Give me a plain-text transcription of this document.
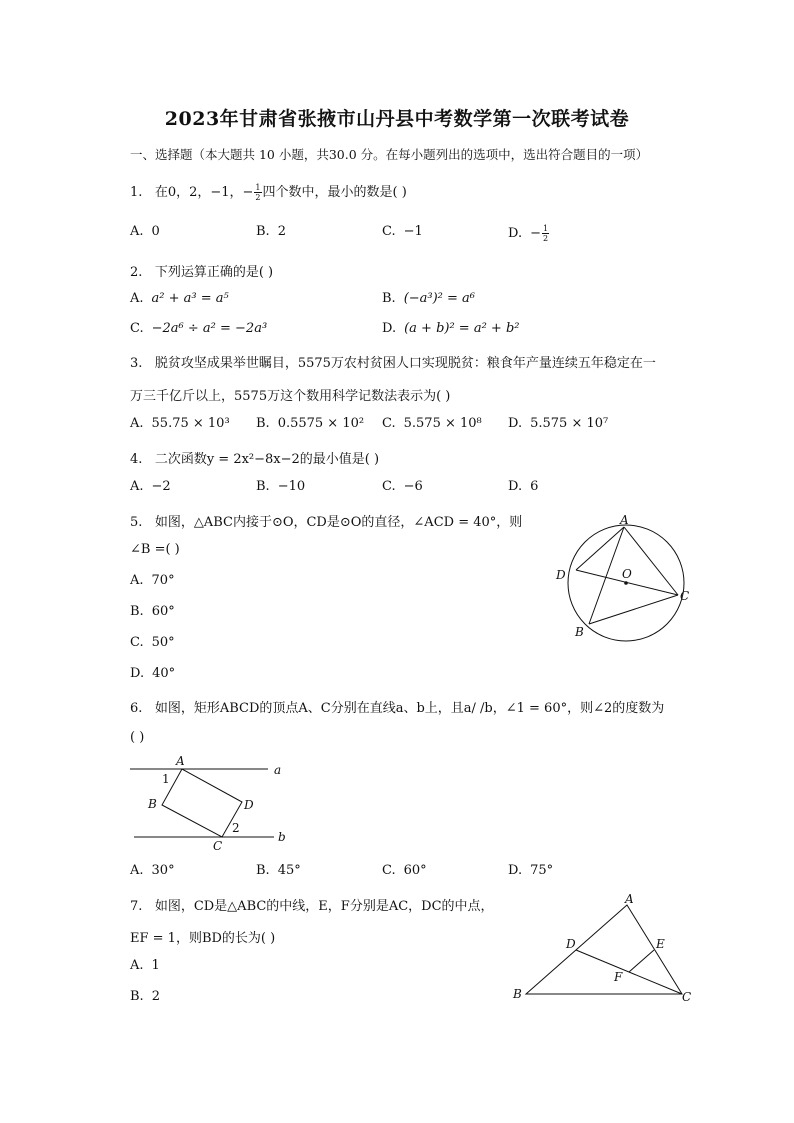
2023年甘肃省张掖市山丹县中考数学第一次联考试卷
一、选择题（本大题共 10 小题，共30.0 分。在每小题列出的选项中，选出符合题目的一项）
1. 在0，2，−1，− $\frac{1}{2}$ 四个数中，最小的数是( )
A. 0	B. 2	C. −1	D. − $\frac{1}{2}$
2. 下列运算正确的是( )
A. a² + a³ = a⁵	B. (−a³)² = a⁶
C. −2a⁶ ÷ a² = −2a³	D. (a + b)² = a² + b²
3. 脱贫攻坚成果举世瞩目，5575万农村贫困人口实现脱贫：粮食年产量连续五年稳定在一
万三千亿斤以上，5575万这个数用科学记数法表示为( )
A. 55.75 × 10³ B. 0.5575 × 10² C. 5.575 × 10⁸ D. 5.575 × 10⁷
4. 二次函数y = 2x²−8x−2的最小值是( )
A. −2	B. −10	C. −6	D. 6
5. 如图，△ABC内接于⊙O，CD是⊙O的直径，∠ACD = 40°，则
∠B =( )
A. 70°
B. 60°
C. 50°
D. 40°
A
D	O
C
B
6. 如图，矩形ABCD的顶点A、C分别在直线a、b上，且a/ /b，∠1 = 60°，则∠2的度数为
( )
A
1
B	D
2
C
a
b
A. 30°	B. 45°	C. 60°	D. 75°
7. 如图，CD是△ABC的中线，E，F分别是AC，DC的中点，
EF = 1，则BD的长为( )
A. 1
B. 2
A
D	E
F
B	C
